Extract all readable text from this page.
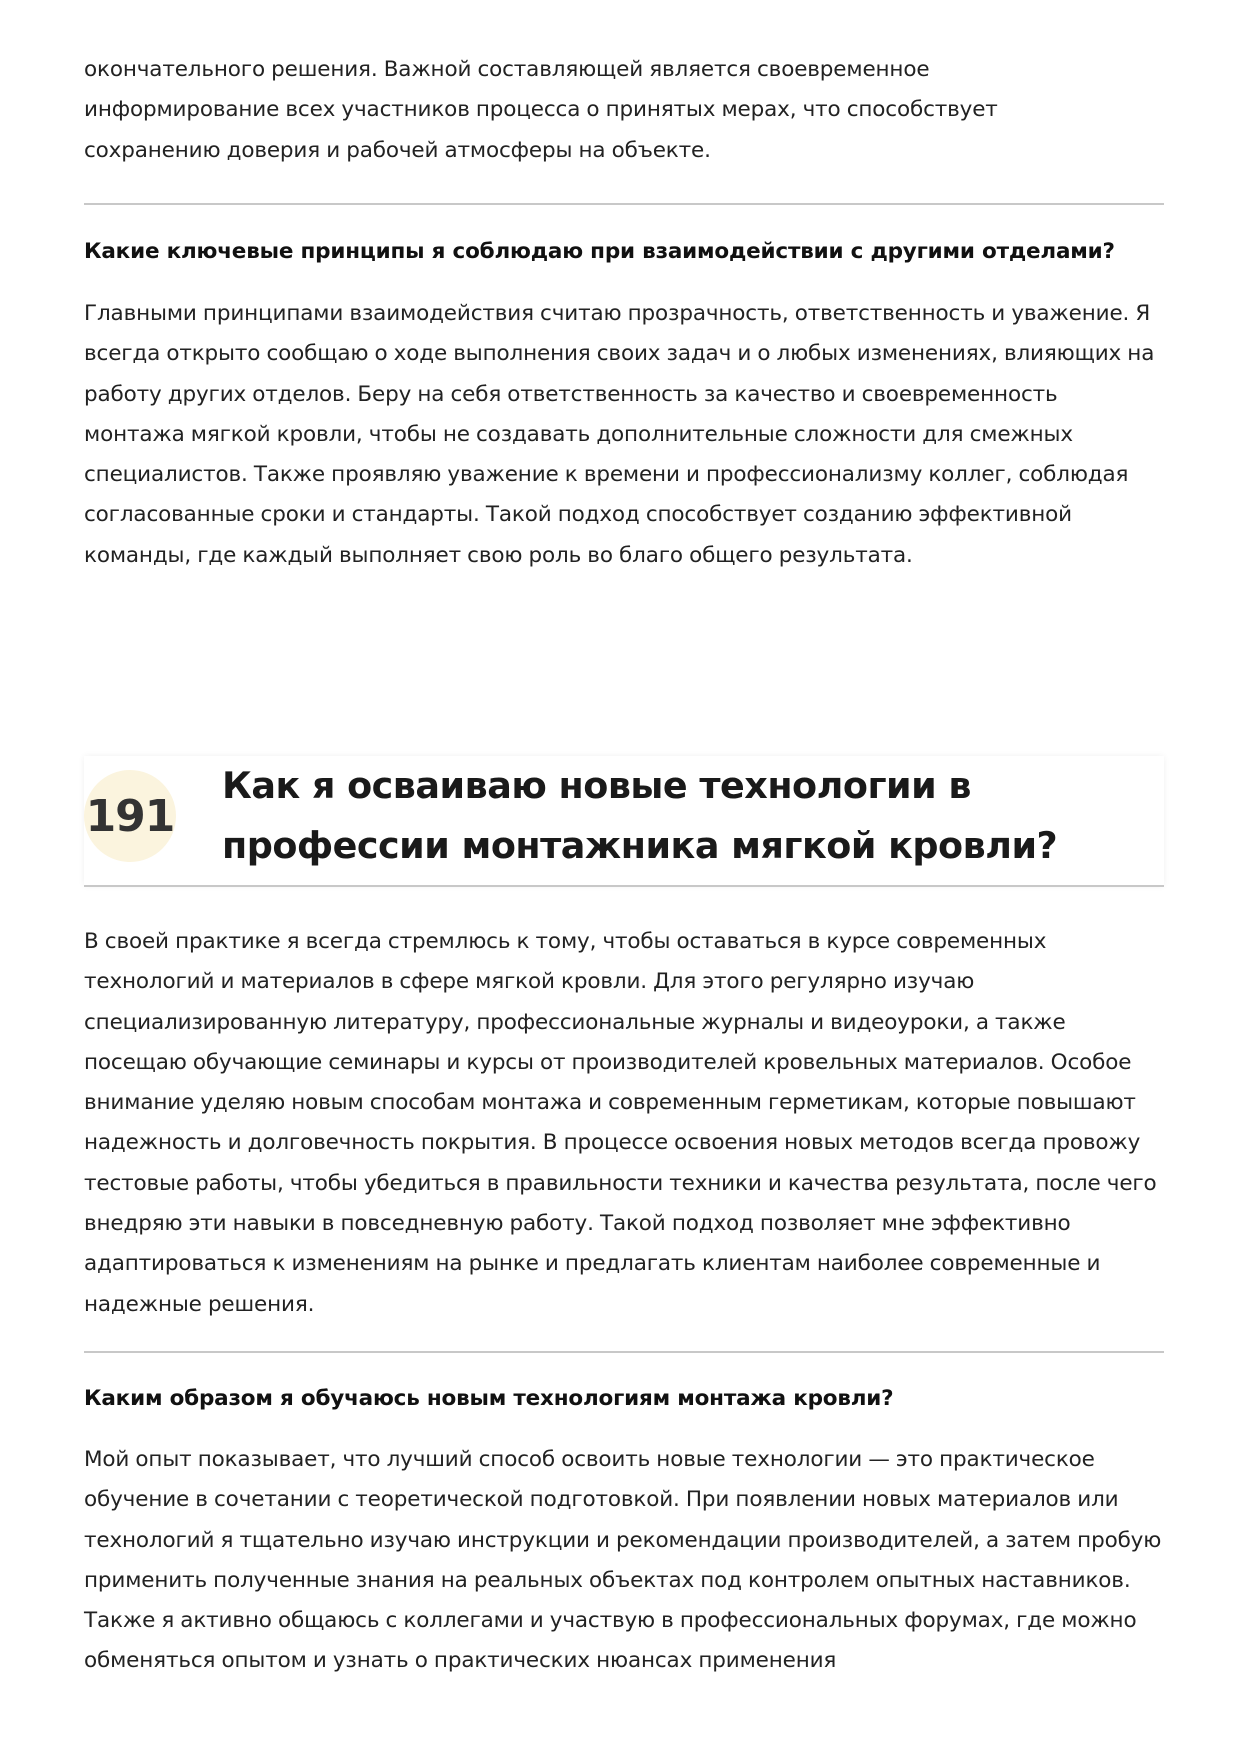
окончательного решения. Важной составляющей является своевременное информирование всех участников процесса о принятых мерах, что способствует сохранению доверия и рабочей атмосферы на объекте.

Какие ключевые принципы я соблюдаю при взаимодействии с другими отделами?

Главными принципами взаимодействия считаю прозрачность, ответственность и уважение. Я всегда открыто сообщаю о ходе выполнения своих задач и о любых изменениях, влияющих на работу других отделов. Беру на себя ответственность за качество и своевременность монтажа мягкой кровли, чтобы не создавать дополнительные сложности для смежных специалистов. Также проявляю уважение к времени и профессионализму коллег, соблюдая согласованные сроки и стандарты. Такой подход способствует созданию эффективной команды, где каждый выполняет свою роль во благо общего результата.

191
Как я осваиваю новые технологии в профессии монтажника мягкой кровли?

В своей практике я всегда стремлюсь к тому, чтобы оставаться в курсе современных технологий и материалов в сфере мягкой кровли. Для этого регулярно изучаю специализированную литературу, профессиональные журналы и видеоуроки, а также посещаю обучающие семинары и курсы от производителей кровельных материалов. Особое внимание уделяю новым способам монтажа и современным герметикам, которые повышают надежность и долговечность покрытия. В процессе освоения новых методов всегда провожу тестовые работы, чтобы убедиться в правильности техники и качества результата, после чего внедряю эти навыки в повседневную работу. Такой подход позволяет мне эффективно адаптироваться к изменениям на рынке и предлагать клиентам наиболее современные и надежные решения.

Каким образом я обучаюсь новым технологиям монтажа кровли?

Мой опыт показывает, что лучший способ освоить новые технологии — это практическое обучение в сочетании с теоретической подготовкой. При появлении новых материалов или технологий я тщательно изучаю инструкции и рекомендации производителей, а затем пробую применить полученные знания на реальных объектах под контролем опытных наставников. Также я активно общаюсь с коллегами и участвую в профессиональных форумах, где можно обменяться опытом и узнать о практических нюансах применения
